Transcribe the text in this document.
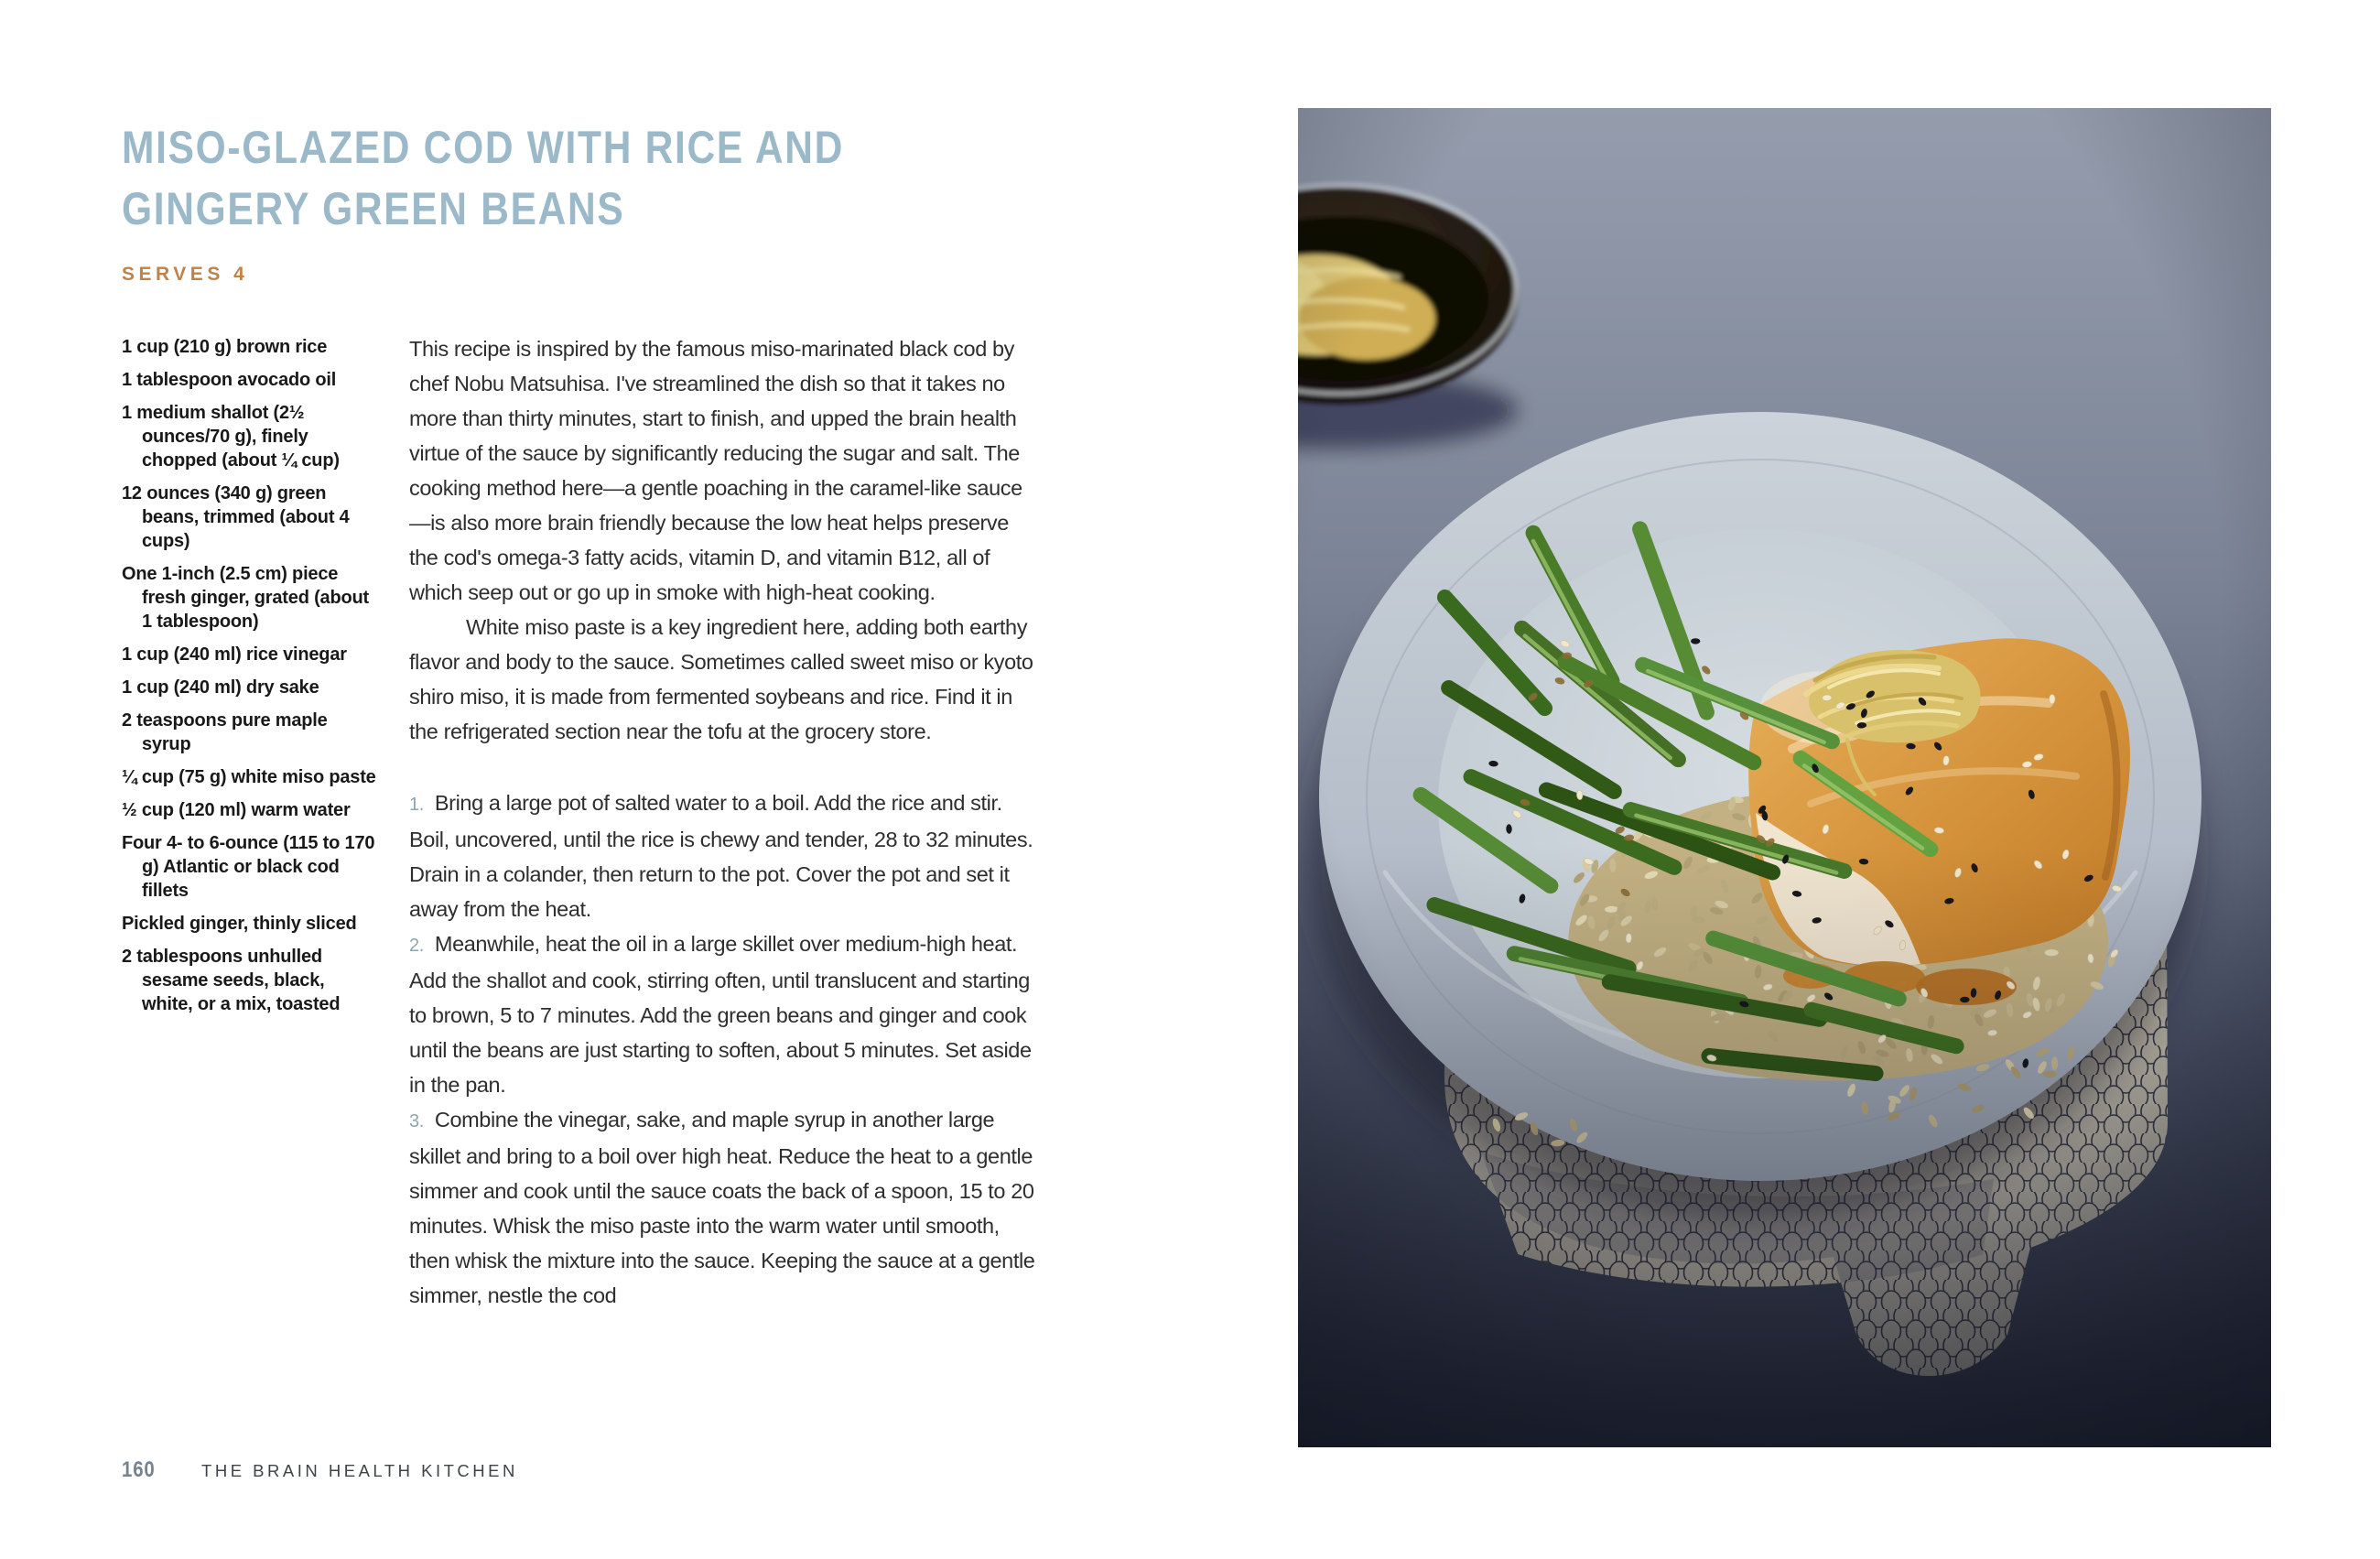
MISO-GLAZED COD WITH RICE AND
GINGERY GREEN BEANS
SERVES 4
1 cup (210 g) brown rice
1 tablespoon avocado oil
1 medium shallot (2½ ounces/70 g), finely chopped (about ¼ cup)
12 ounces (340 g) green beans, trimmed (about 4 cups)
One 1-inch (2.5 cm) piece fresh ginger, grated (about 1 tablespoon)
1 cup (240 ml) rice vinegar
1 cup (240 ml) dry sake
2 teaspoons pure maple syrup
¼ cup (75 g) white miso paste
½ cup (120 ml) warm water
Four 4- to 6-ounce (115 to 170 g) Atlantic or black cod fillets
Pickled ginger, thinly sliced
2 tablespoons unhulled sesame seeds, black, white, or a mix, toasted

This recipe is inspired by the famous miso-marinated black cod by chef Nobu Matsuhisa. I've streamlined the dish so that it takes no more than thirty minutes, start to finish, and upped the brain health virtue of the sauce by significantly reducing the sugar and salt. The cooking method here—a gentle poaching in the caramel-like sauce—is also more brain friendly because the low heat helps preserve the cod's omega-3 fatty acids, vitamin D, and vitamin B12, all of which seep out or go up in smoke with high-heat cooking.

White miso paste is a key ingredient here, adding both earthy flavor and body to the sauce. Sometimes called sweet miso or kyoto shiro miso, it is made from fermented soybeans and rice. Find it in the refrigerated section near the tofu at the grocery store.

1. Bring a large pot of salted water to a boil. Add the rice and stir. Boil, uncovered, until the rice is chewy and tender, 28 to 32 minutes. Drain in a colander, then return to the pot. Cover the pot and set it away from the heat.

2. Meanwhile, heat the oil in a large skillet over medium-high heat. Add the shallot and cook, stirring often, until translucent and starting to brown, 5 to 7 minutes. Add the green beans and ginger and cook until the beans are just starting to soften, about 5 minutes. Set aside in the pan.

3. Combine the vinegar, sake, and maple syrup in another large skillet and bring to a boil over high heat. Reduce the heat to a gentle simmer and cook until the sauce coats the back of a spoon, 15 to 20 minutes. Whisk the miso paste into the warm water until smooth, then whisk the mixture into the sauce. Keeping the sauce at a gentle simmer, nestle the cod

160	THE BRAIN HEALTH KITCHEN
